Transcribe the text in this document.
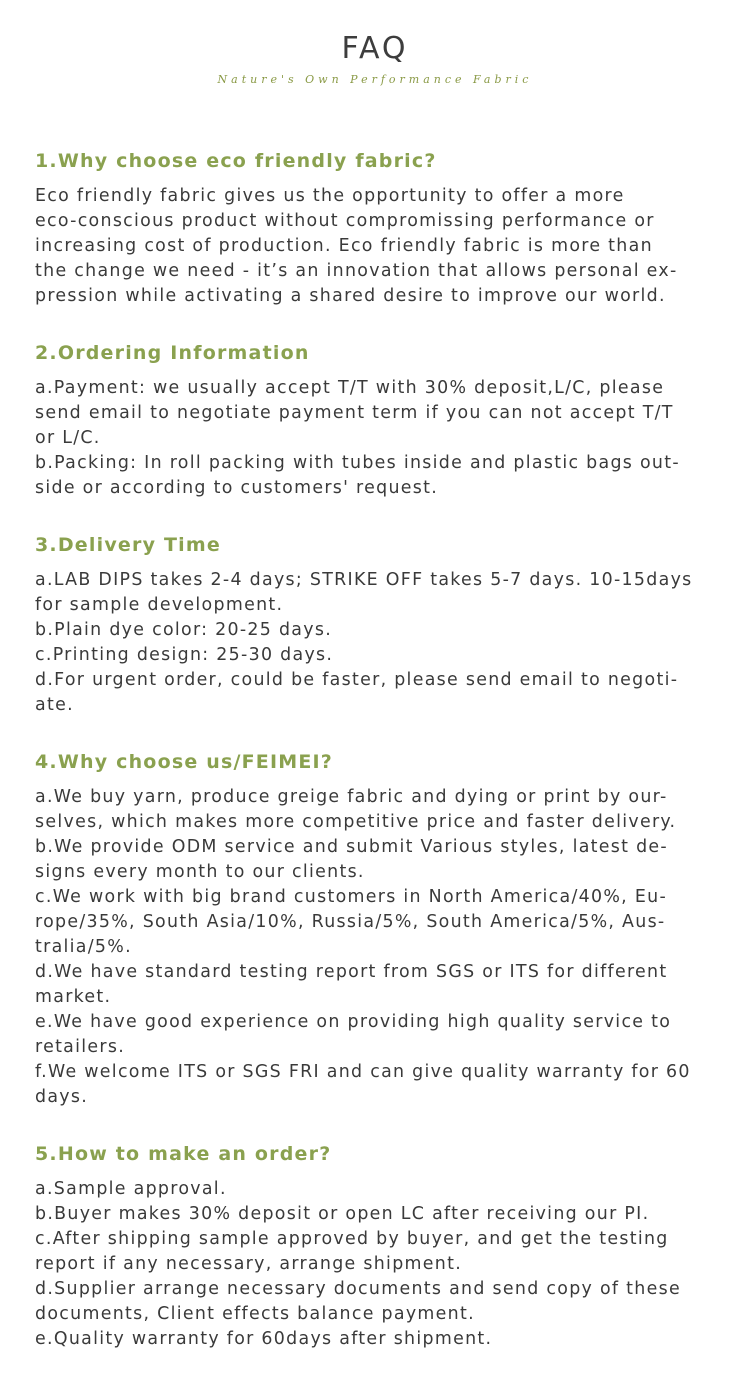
FAQ
Nature's Own Performance Fabric
1.Why choose eco friendly fabric?
Eco friendly fabric gives us the opportunity to offer a more
eco-conscious product without compromissing performance or
increasing cost of production. Eco friendly fabric is more than
the change we need - it’s an innovation that allows personal ex-
pression while activating a shared desire to improve our world.
2.Ordering Information
a.Payment: we usually accept T/T with 30% deposit,L/C, please
send email to negotiate payment term if you can not accept T/T
or L/C.
b.Packing: In roll packing with tubes inside and plastic bags out-
side or according to customers' request.
3.Delivery Time
a.LAB DIPS takes 2-4 days; STRIKE OFF takes 5-7 days. 10-15days
for sample development.
b.Plain dye color: 20-25 days.
c.Printing design: 25-30 days.
d.For urgent order, could be faster, please send email to negoti-
ate.
4.Why choose us/FEIMEI?
a.We buy yarn, produce greige fabric and dying or print by our-
selves, which makes more competitive price and faster delivery.
b.We provide ODM service and submit Various styles, latest de-
signs every month to our clients.
c.We work with big brand customers in North America/40%, Eu-
rope/35%, South Asia/10%, Russia/5%, South America/5%, Aus-
tralia/5%.
d.We have standard testing report from SGS or ITS for different
market.
e.We have good experience on providing high quality service to
retailers.
f.We welcome ITS or SGS FRI and can give quality warranty for 60
days.
5.How to make an order?
a.Sample approval.
b.Buyer makes 30% deposit or open LC after receiving our PI.
c.After shipping sample approved by buyer, and get the testing
report if any necessary, arrange shipment.
d.Supplier arrange necessary documents and send copy of these
documents, Client effects balance payment.
e.Quality warranty for 60days after shipment.
